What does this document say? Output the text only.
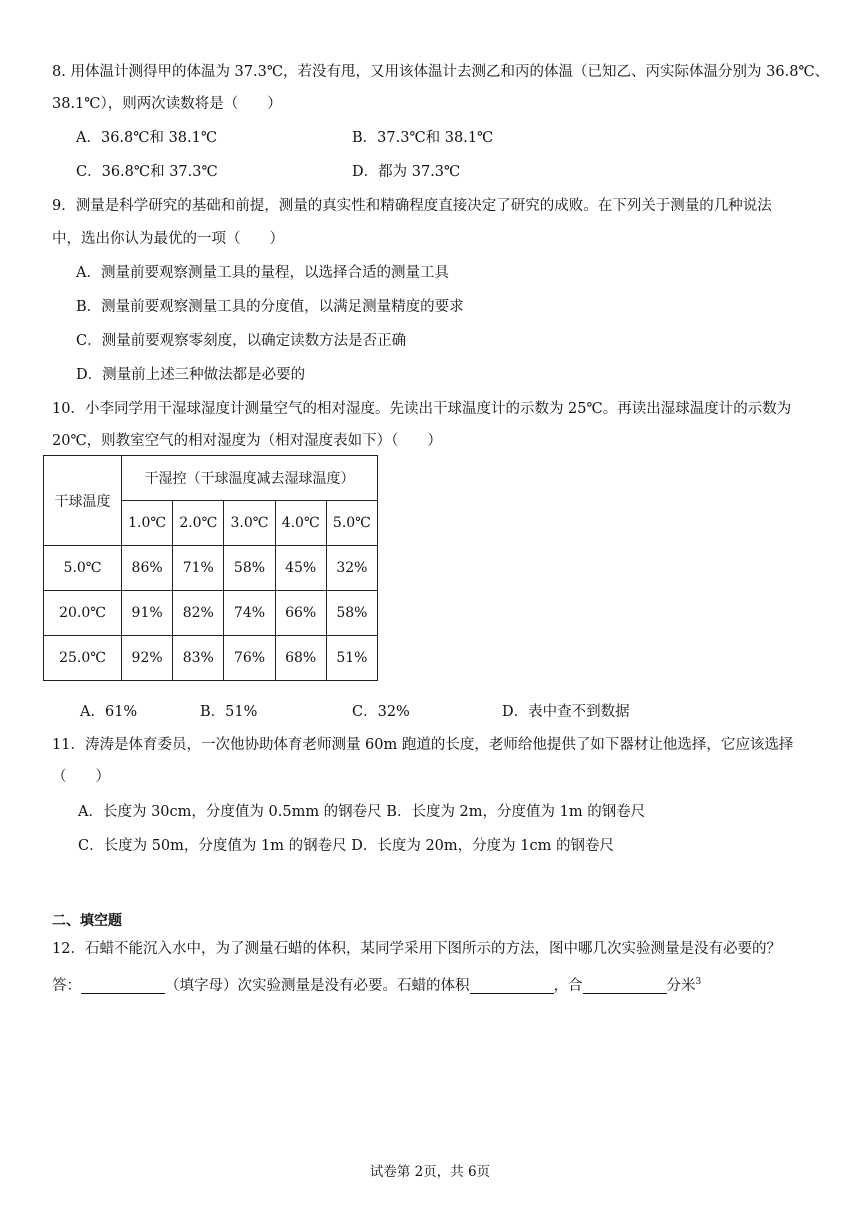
8. 用体温计测得甲的体温为 37.3℃，若没有甩，又用该体温计去测乙和丙的体温（已知乙、丙实际体温分别为 36.8℃、
38.1℃），则两次读数将是（　　）
A．36.8℃和 38.1℃	B．37.3℃和 38.1℃
C．36.8℃和 37.3℃	D．都为 37.3℃
9．测量是科学研究的基础和前提，测量的真实性和精确程度直接决定了研究的成败。在下列关于测量的几种说法
中，选出你认为最优的一项（　　）
A．测量前要观察测量工具的量程，以选择合适的测量工具
B．测量前要观察测量工具的分度值，以满足测量精度的要求
C．测量前要观察零刻度，以确定读数方法是否正确
D．测量前上述三种做法都是必要的
10．小李同学用干湿球湿度计测量空气的相对湿度。先读出干球温度计的示数为 25℃。再读出湿球温度计的示数为
20℃，则教室空气的相对湿度为（相对湿度表如下）（　　）
干球温度	干湿控（干球温度减去湿球温度）				
	1.0℃	2.0℃	3.0℃	4.0℃	5.0℃
5.0℃	86%	71%	58%	45%	32%
20.0℃	91%	82%	74%	66%	58%
25.0℃	92%	83%	76%	68%	51%
A．61%	B．51%	C．32%	D．表中查不到数据
11．涛涛是体育委员，一次他协助体育老师测量 60m 跑道的长度，老师给他提供了如下器材让他选择，它应该选择
（　　）
A．长度为 30cm，分度值为 0.5mm 的钢卷尺 B．长度为 2m，分度值为 1m 的钢卷尺
C．长度为 50m，分度值为 1m 的钢卷尺 D．长度为 20m，分度为 1cm 的钢卷尺
二、填空题
12．石蜡不能沉入水中，为了测量石蜡的体积，某同学采用下图所示的方法，图中哪几次实验测量是没有必要的？
答：	（填字母）次实验测量是没有必要。石蜡的体积	，合	分米$^3$
试卷第 2页，共 6页
